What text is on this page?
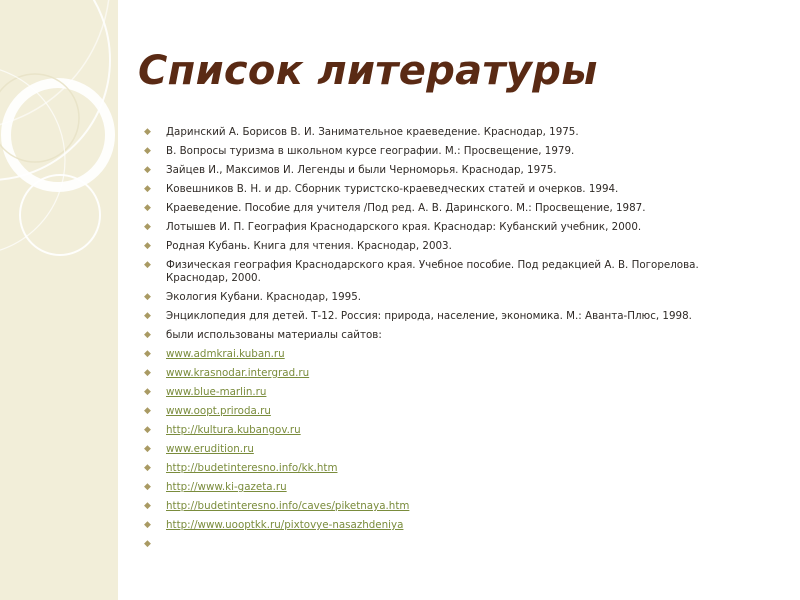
Список литературы
◆ Даринский А. Борисов В. И. Занимательное краеведение. Краснодар, 1975.
◆ В. Вопросы туризма в школьном курсе географии. М.: Просвещение, 1979.
◆ Зайцев И., Максимов И. Легенды и были Черноморья. Краснодар, 1975.
◆ Ковешников В. Н. и др. Сборник туристско-краеведческих статей и очерков. 1994.
◆ Краеведение. Пособие для учителя /Под ред. А. В. Даринского. М.: Просвещение, 1987.
◆ Лотышев И. П. География Краснодарского края. Краснодар: Кубанский учебник, 2000.
◆ Родная Кубань. Книга для чтения. Краснодар, 2003.
◆ Физическая география Краснодарского края. Учебное пособие. Под редакцией А. В. Погорелова. Краснодар, 2000.
◆ Экология Кубани. Краснодар, 1995.
◆ Энциклопедия для детей. Т-12. Россия: природа, население, экономика. М.: Аванта-Плюс, 1998.
◆ были использованы материалы сайтов:
◆ www.admkrai.kuban.ru
◆ www.krasnodar.intergrad.ru
◆ www.blue-marlin.ru
◆ www.oopt.priroda.ru
◆ http://kultura.kubangov.ru
◆ www.erudition.ru
◆ http://budetinteresno.info/kk.htm
◆ http://www.ki-gazeta.ru
◆ http://budetinteresno.info/caves/piketnaya.htm
◆ http://www.uooptkk.ru/pixtovye-nasazhdeniya
◆
